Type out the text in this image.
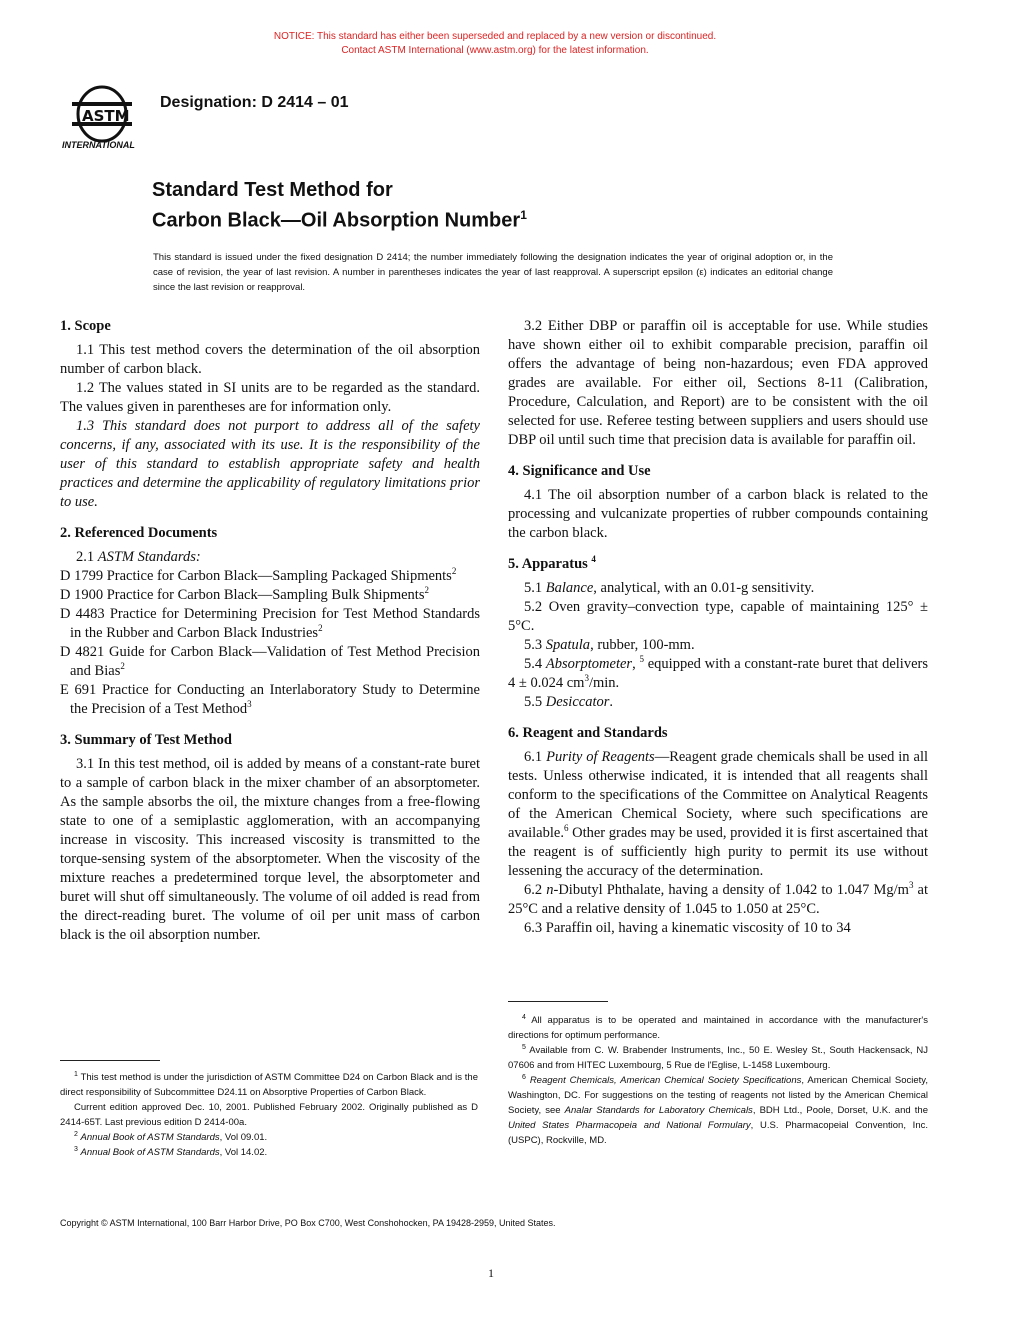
NOTICE: This standard has either been superseded and replaced by a new version or discontinued.
Contact ASTM International (www.astm.org) for the latest information.
ASTM
INTERNATIONAL
Designation: D 2414 – 01
Standard Test Method for
Carbon Black—Oil Absorption Number$^1$
This standard is issued under the fixed designation D 2414; the number immediately following the designation indicates the year of original adoption or, in the case of revision, the year of last revision. A number in parentheses indicates the year of last reapproval. A superscript epsilon (ε) indicates an editorial change since the last revision or reapproval.

1. Scope

1.1 This test method covers the determination of the oil absorption number of carbon black.

1.2 The values stated in SI units are to be regarded as the standard. The values given in parentheses are for information only.

1.3 This standard does not purport to address all of the safety concerns, if any, associated with its use. It is the responsibility of the user of this standard to establish appropriate safety and health practices and determine the applicability of regulatory limitations prior to use.

2. Referenced Documents

2.1 ASTM Standards:

D 1799 Practice for Carbon Black—Sampling Packaged Shipments$^2$

D 1900 Practice for Carbon Black—Sampling Bulk Shipments$^2$

D 4483 Practice for Determining Precision for Test Method Standards in the Rubber and Carbon Black Industries$^2$

D 4821 Guide for Carbon Black—Validation of Test Method Precision and Bias$^2$

E 691 Practice for Conducting an Interlaboratory Study to Determine the Precision of a Test Method$^3$

3. Summary of Test Method

3.1 In this test method, oil is added by means of a constant-rate buret to a sample of carbon black in the mixer chamber of an absorptometer. As the sample absorbs the oil, the mixture changes from a free-flowing state to one of a semiplastic agglomeration, with an accompanying increase in viscosity. This increased viscosity is transmitted to the torque-sensing system of the absorptometer. When the viscosity of the mixture reaches a predetermined torque level, the absorptometer and buret will shut off simultaneously. The volume of oil added is read from the direct-reading buret. The volume of oil per unit mass of carbon black is the oil absorption number.

$^1$ This test method is under the jurisdiction of ASTM Committee D24 on Carbon Black and is the direct responsibility of Subcommittee D24.11 on Absorptive Properties of Carbon Black.

Current edition approved Dec. 10, 2001. Published February 2002. Originally published as D 2414-65T. Last previous edition D 2414-00a.

$^2$ Annual Book of ASTM Standards, Vol 09.01.

$^3$ Annual Book of ASTM Standards, Vol 14.02.

3.2 Either DBP or paraffin oil is acceptable for use. While studies have shown either oil to exhibit comparable precision, paraffin oil offers the advantage of being non-hazardous; even FDA approved grades are available. For either oil, Sections 8-11 (Calibration, Procedure, Calculation, and Report) are to be consistent with the oil selected for use. Referee testing between suppliers and users should use DBP oil until such time that precision data is available for paraffin oil.

4. Significance and Use

4.1 The oil absorption number of a carbon black is related to the processing and vulcanizate properties of rubber compounds containing the carbon black.

5. Apparatus $^4$

5.1 Balance, analytical, with an 0.01-g sensitivity.

5.2 Oven gravity–convection type, capable of maintaining 125° ± 5°C.

5.3 Spatula, rubber, 100-mm.

5.4 Absorptometer, $^5$ equipped with a constant-rate buret that delivers 4 ± 0.024 $cm^3/\min$.

5.5 Desiccator.

6. Reagent and Standards

6.1 Purity of Reagents—Reagent grade chemicals shall be used in all tests. Unless otherwise indicated, it is intended that all reagents shall conform to the specifications of the Committee on Analytical Reagents of the American Chemical Society, where such specifications are available.$^6$ Other grades may be used, provided it is first ascertained that the reagent is of sufficiently high purity to permit its use without lessening the accuracy of the determination.

6.2 n-Dibutyl Phthalate, having a density of 1.042 to 1.047 $Mg/m^3$ at 25°C and a relative density of 1.045 to 1.050 at 25°C.

6.3 Paraffin oil, having a kinematic viscosity of 10 to 34

$^4$ All apparatus is to be operated and maintained in accordance with the manufacturer's directions for optimum performance.

$^5$ Available from C. W. Brabender Instruments, Inc., 50 E. Wesley St., South Hackensack, NJ 07606 and from HITEC Luxembourg, 5 Rue de l'Eglise, L-1458 Luxembourg.

$^6$ Reagent Chemicals, American Chemical Society Specifications, American Chemical Society, Washington, DC. For suggestions on the testing of reagents not listed by the American Chemical Society, see Analar Standards for Laboratory Chemicals, BDH Ltd., Poole, Dorset, U.K. and the United States Pharmacopeia and National Formulary, U.S. Pharmacopeial Convention, Inc. (USPC), Rockville, MD.

Copyright © ASTM International, 100 Barr Harbor Drive, PO Box C700, West Conshohocken, PA 19428-2959, United States.
1
